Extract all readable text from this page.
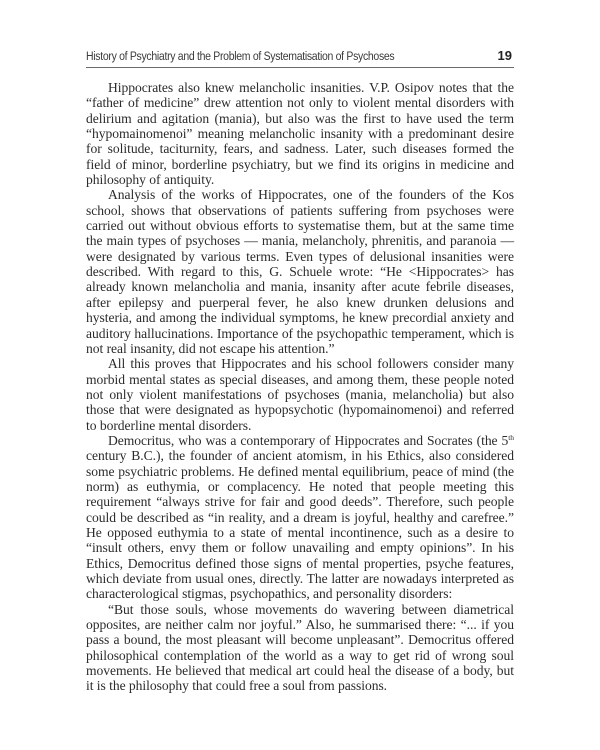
History of Psychiatry and the Problem of Systematisation of Psychoses	19

Hippocrates also knew melancholic insanities. V.P. Osipov notes that the “father of medicine” drew attention not only to violent mental disorders with delirium and agitation (mania), but also was the first to have used the term “hypomainomenoi” meaning melancholic insanity with a predominant desire for solitude, taciturnity, fears, and sadness. Later, such diseases formed the field of minor, borderline psychiatry, but we find its origins in medicine and philosophy of antiquity.

Analysis of the works of Hippocrates, one of the founders of the Kos school, shows that observations of patients suffering from psychoses were carried out without obvious efforts to systematise them, but at the same time the main types of psychoses — mania, melancholy, phrenitis, and paranoia — were designated by various terms. Even types of delusional insanities were described. With regard to this, G. Schuele wrote: “He <Hippocrates> has already known melancholia and mania, insanity after acute febrile diseases, after epilepsy and puerperal fever, he also knew drunken delusions and hysteria, and among the individual symptoms, he knew precordial anxiety and auditory hallucinations. Importance of the psychopathic temperament, which is not real insanity, did not escape his attention.”

All this proves that Hippocrates and his school followers consider many morbid mental states as special diseases, and among them, these people noted not only violent manifestations of psychoses (mania, melancholia) but also those that were designated as hypopsychotic (hypomainomenoi) and referred to borderline mental disorders.

Democritus, who was a contemporary of Hippocrates and Socrates (the 5th century B.C.), the founder of ancient atomism, in his Ethics, also considered some psychiatric problems. He defined mental equilibrium, peace of mind (the norm) as euthymia, or complacency. He noted that people meeting this requirement “always strive for fair and good deeds”. Therefore, such people could be described as “in reality, and a dream is joyful, healthy and carefree.” He opposed euthymia to a state of mental incontinence, such as a desire to “insult others, envy them or follow unavailing and empty opinions”. In his Ethics, Democritus defined those signs of mental properties, psyche features, which deviate from usual ones, directly. The latter are nowadays interpreted as characterological stigmas, psychopathics, and personality disorders:

“But those souls, whose movements do wavering between diametrical opposites, are neither calm nor joyful.” Also, he summarised there: “... if you pass a bound, the most pleasant will become unpleasant”. Democritus offered philosophical contemplation of the world as a way to get rid of wrong soul movements. He believed that medical art could heal the disease of a body, but it is the philosophy that could free a soul from passions.
